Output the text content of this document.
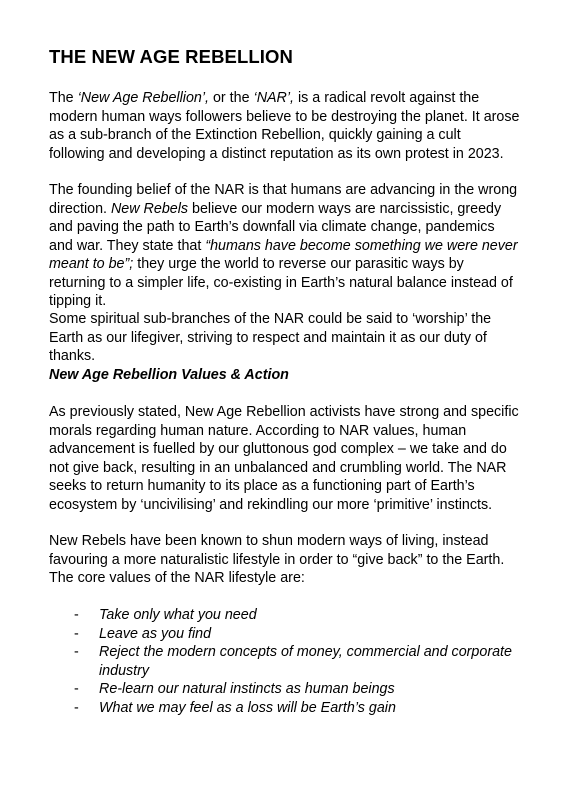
THE NEW AGE REBELLION

The ‘New Age Rebellion’, or the ‘NAR’, is a radical revolt against the modern human ways followers believe to be destroying the planet. It arose as a sub-branch of the Extinction Rebellion, quickly gaining a cult following and developing a distinct reputation as its own protest in 2023.

The founding belief of the NAR is that humans are advancing in the wrong direction. New Rebels believe our modern ways are narcissistic, greedy and paving the path to Earth’s downfall via climate change, pandemics and war. They state that “humans have become something we were never meant to be”; they urge the world to reverse our parasitic ways by returning to a simpler life, co-existing in Earth’s natural balance instead of tipping it.

Some spiritual sub-branches of the NAR could be said to ‘worship’ the Earth as our lifegiver, striving to respect and maintain it as our duty of thanks.

New Age Rebellion Values & Action

As previously stated, New Age Rebellion activists have strong and specific morals regarding human nature. According to NAR values, human advancement is fuelled by our gluttonous god complex – we take and do not give back, resulting in an unbalanced and crumbling world. The NAR seeks to return humanity to its place as a functioning part of Earth’s ecosystem by ‘uncivilising’ and rekindling our more ‘primitive’ instincts.

New Rebels have been known to shun modern ways of living, instead favouring a more naturalistic lifestyle in order to “give back” to the Earth. The core values of the NAR lifestyle are:

- Take only what you need
- Leave as you find
- Reject the modern concepts of money, commercial and corporate industry
- Re-learn our natural instincts as human beings
- What we may feel as a loss will be Earth’s gain
